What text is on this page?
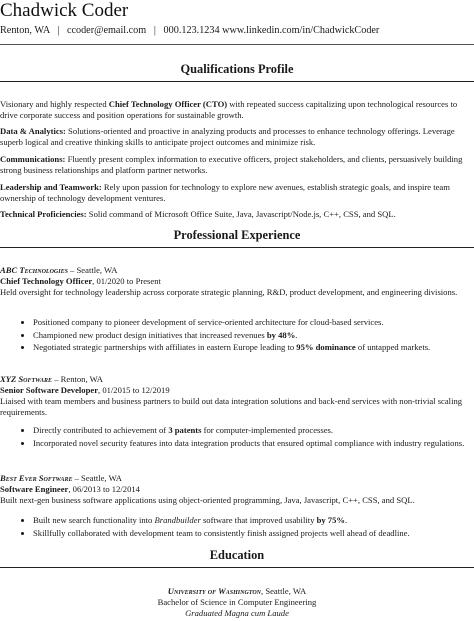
Chadwick Coder
Renton, WA   |   ccoder@email.com   |   000.123.1234 www.linkedin.com/in/ChadwickCoder
Qualifications Profile
Visionary and highly respected Chief Technology Officer (CTO) with repeated success capitalizing upon technological resources to drive corporate success and position operations for sustainable growth.
Data & Analytics: Solutions-oriented and proactive in analyzing products and processes to enhance technology offerings. Leverage superb logical and creative thinking skills to anticipate project outcomes and minimize risk.
Communications: Fluently present complex information to executive officers, project stakeholders, and clients, persuasively building strong business relationships and platform partner networks.
Leadership and Teamwork: Rely upon passion for technology to explore new avenues, establish strategic goals, and inspire team ownership of technology development ventures.
Technical Proficiencies: Solid command of Microsoft Office Suite, Java, Javascript/Node.js, C++, CSS, and SQL.
Professional Experience
ABC Technologies – Seattle, WA
Chief Technology Officer, 01/2020 to Present
Held oversight for technology leadership across corporate strategic planning, R&D, product development, and engineering divisions.
• Positioned company to pioneer development of service-oriented architecture for cloud-based services.
• Championed new product design initiatives that increased revenues by 48%.
• Negotiated strategic partnerships with affiliates in eastern Europe leading to 95% dominance of untapped markets.
XYZ Software – Renton, WA
Senior Software Developer, 01/2015 to 12/2019
Liaised with team members and business partners to build out data integration solutions and back-end services with non-trivial scaling requirements.
• Directly contributed to achievement of 3 patents for computer-implemented processes.
• Incorporated novel security features into data integration products that ensured optimal compliance with industry regulations.
Best Ever Software – Seattle, WA
Software Engineer, 06/2013 to 12/2014
Built next-gen business software applications using object-oriented programming, Java, Javascript, C++, CSS, and SQL.
• Built new search functionality into Brandbuilder software that improved usability by 75%.
• Skillfully collaborated with development team to consistently finish assigned projects well ahead of deadline.
Education
University of Washington, Seattle, WA
Bachelor of Science in Computer Engineering
Graduated Magna cum Laude
